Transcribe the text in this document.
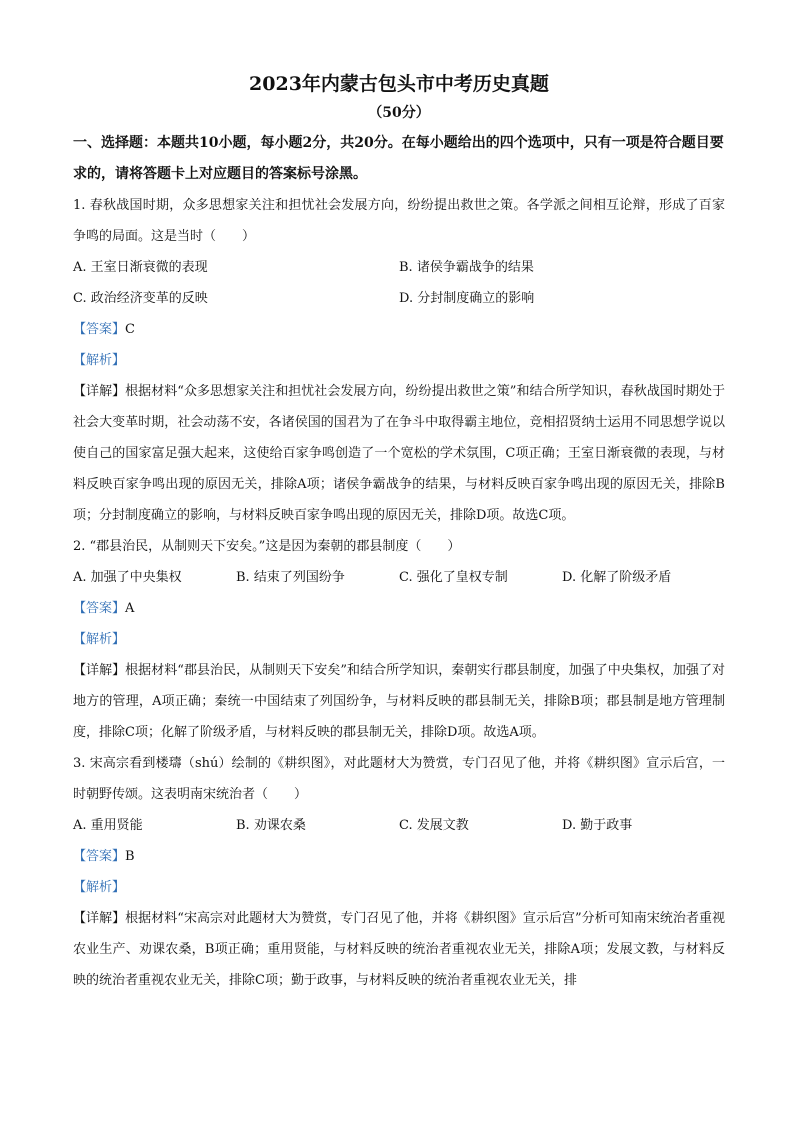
2023年内蒙古包头市中考历史真题
（50分）

一、选择题：本题共10小题，每小题2分，共20分。在每小题给出的四个选项中，只有一项是符合题目要求的，请将答题卡上对应题目的答案标号涂黑。

1. 春秋战国时期，众多思想家关注和担忧社会发展方向，纷纷提出救世之策。各学派之间相互论辩，形成了百家争鸣的局面。这是当时（　　）

A. 王室日渐衰微的表现	B. 诸侯争霸战争的结果
C. 政治经济变革的反映	D. 分封制度确立的影响

【答案】C

【解析】

【详解】根据材料“众多思想家关注和担忧社会发展方向，纷纷提出救世之策”和结合所学知识，春秋战国时期处于社会大变革时期，社会动荡不安，各诸侯国的国君为了在争斗中取得霸主地位，竞相招贤纳士运用不同思想学说以使自己的国家富足强大起来，这使给百家争鸣创造了一个宽松的学术氛围，C项正确；王室日渐衰微的表现，与材料反映百家争鸣出现的原因无关，排除A项；诸侯争霸战争的结果，与材料反映百家争鸣出现的原因无关，排除B项；分封制度确立的影响，与材料反映百家争鸣出现的原因无关，排除D项。故选C项。

2. “郡县治民，从制则天下安矣。”这是因为秦朝的郡县制度（　　）

A. 加强了中央集权	B. 结束了列国纷争	C. 强化了皇权专制	D. 化解了阶级矛盾

【答案】A

【解析】

【详解】根据材料“郡县治民，从制则天下安矣”和结合所学知识，秦朝实行郡县制度，加强了中央集权，加强了对地方的管理，A项正确；秦统一中国结束了列国纷争，与材料反映的郡县制无关，排除B项；郡县制是地方管理制度，排除C项；化解了阶级矛盾，与材料反映的郡县制无关，排除D项。故选A项。

3. 宋高宗看到楼璹（shú）绘制的《耕织图》，对此题材大为赞赏，专门召见了他，并将《耕织图》宣示后宫，一时朝野传颂。这表明南宋统治者（　　）

A. 重用贤能	B. 劝课农桑	C. 发展文教	D. 勤于政事

【答案】B

【解析】

【详解】根据材料“宋高宗对此题材大为赞赏，专门召见了他，并将《耕织图》宣示后宫”分析可知南宋统治者重视农业生产、劝课农桑，B项正确；重用贤能，与材料反映的统治者重视农业无关，排除A项；发展文教，与材料反映的统治者重视农业无关，排除C项；勤于政事，与材料反映的统治者重视农业无关，排
